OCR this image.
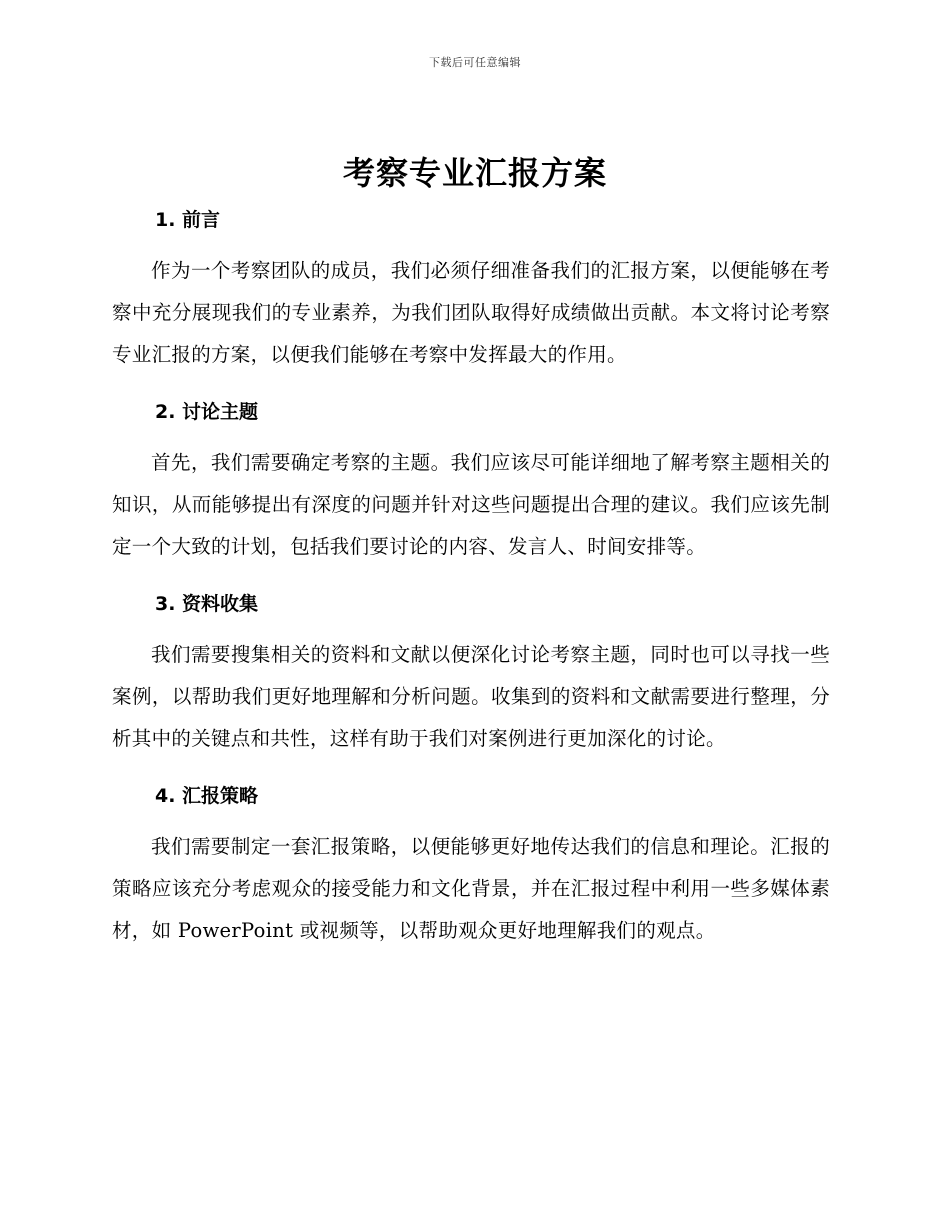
下载后可任意编辑
考察专业汇报方案
1. 前言

作为一个考察团队的成员，我们必须仔细准备我们的汇报方案，以便能够在考察中充分展现我们的专业素养，为我们团队取得好成绩做出贡献。本文将讨论考察专业汇报的方案，以便我们能够在考察中发挥最大的作用。

2. 讨论主题

首先，我们需要确定考察的主题。我们应该尽可能详细地了解考察主题相关的知识，从而能够提出有深度的问题并针对这些问题提出合理的建议。我们应该先制定一个大致的计划，包括我们要讨论的内容、发言人、时间安排等。

3. 资料收集

我们需要搜集相关的资料和文献以便深化讨论考察主题，同时也可以寻找一些案例，以帮助我们更好地理解和分析问题。收集到的资料和文献需要进行整理，分析其中的关键点和共性，这样有助于我们对案例进行更加深化的讨论。

4. 汇报策略

我们需要制定一套汇报策略，以便能够更好地传达我们的信息和理论。汇报的策略应该充分考虑观众的接受能力和文化背景，并在汇报过程中利用一些多媒体素材，如 PowerPoint 或视频等，以帮助观众更好地理解我们的观点。
